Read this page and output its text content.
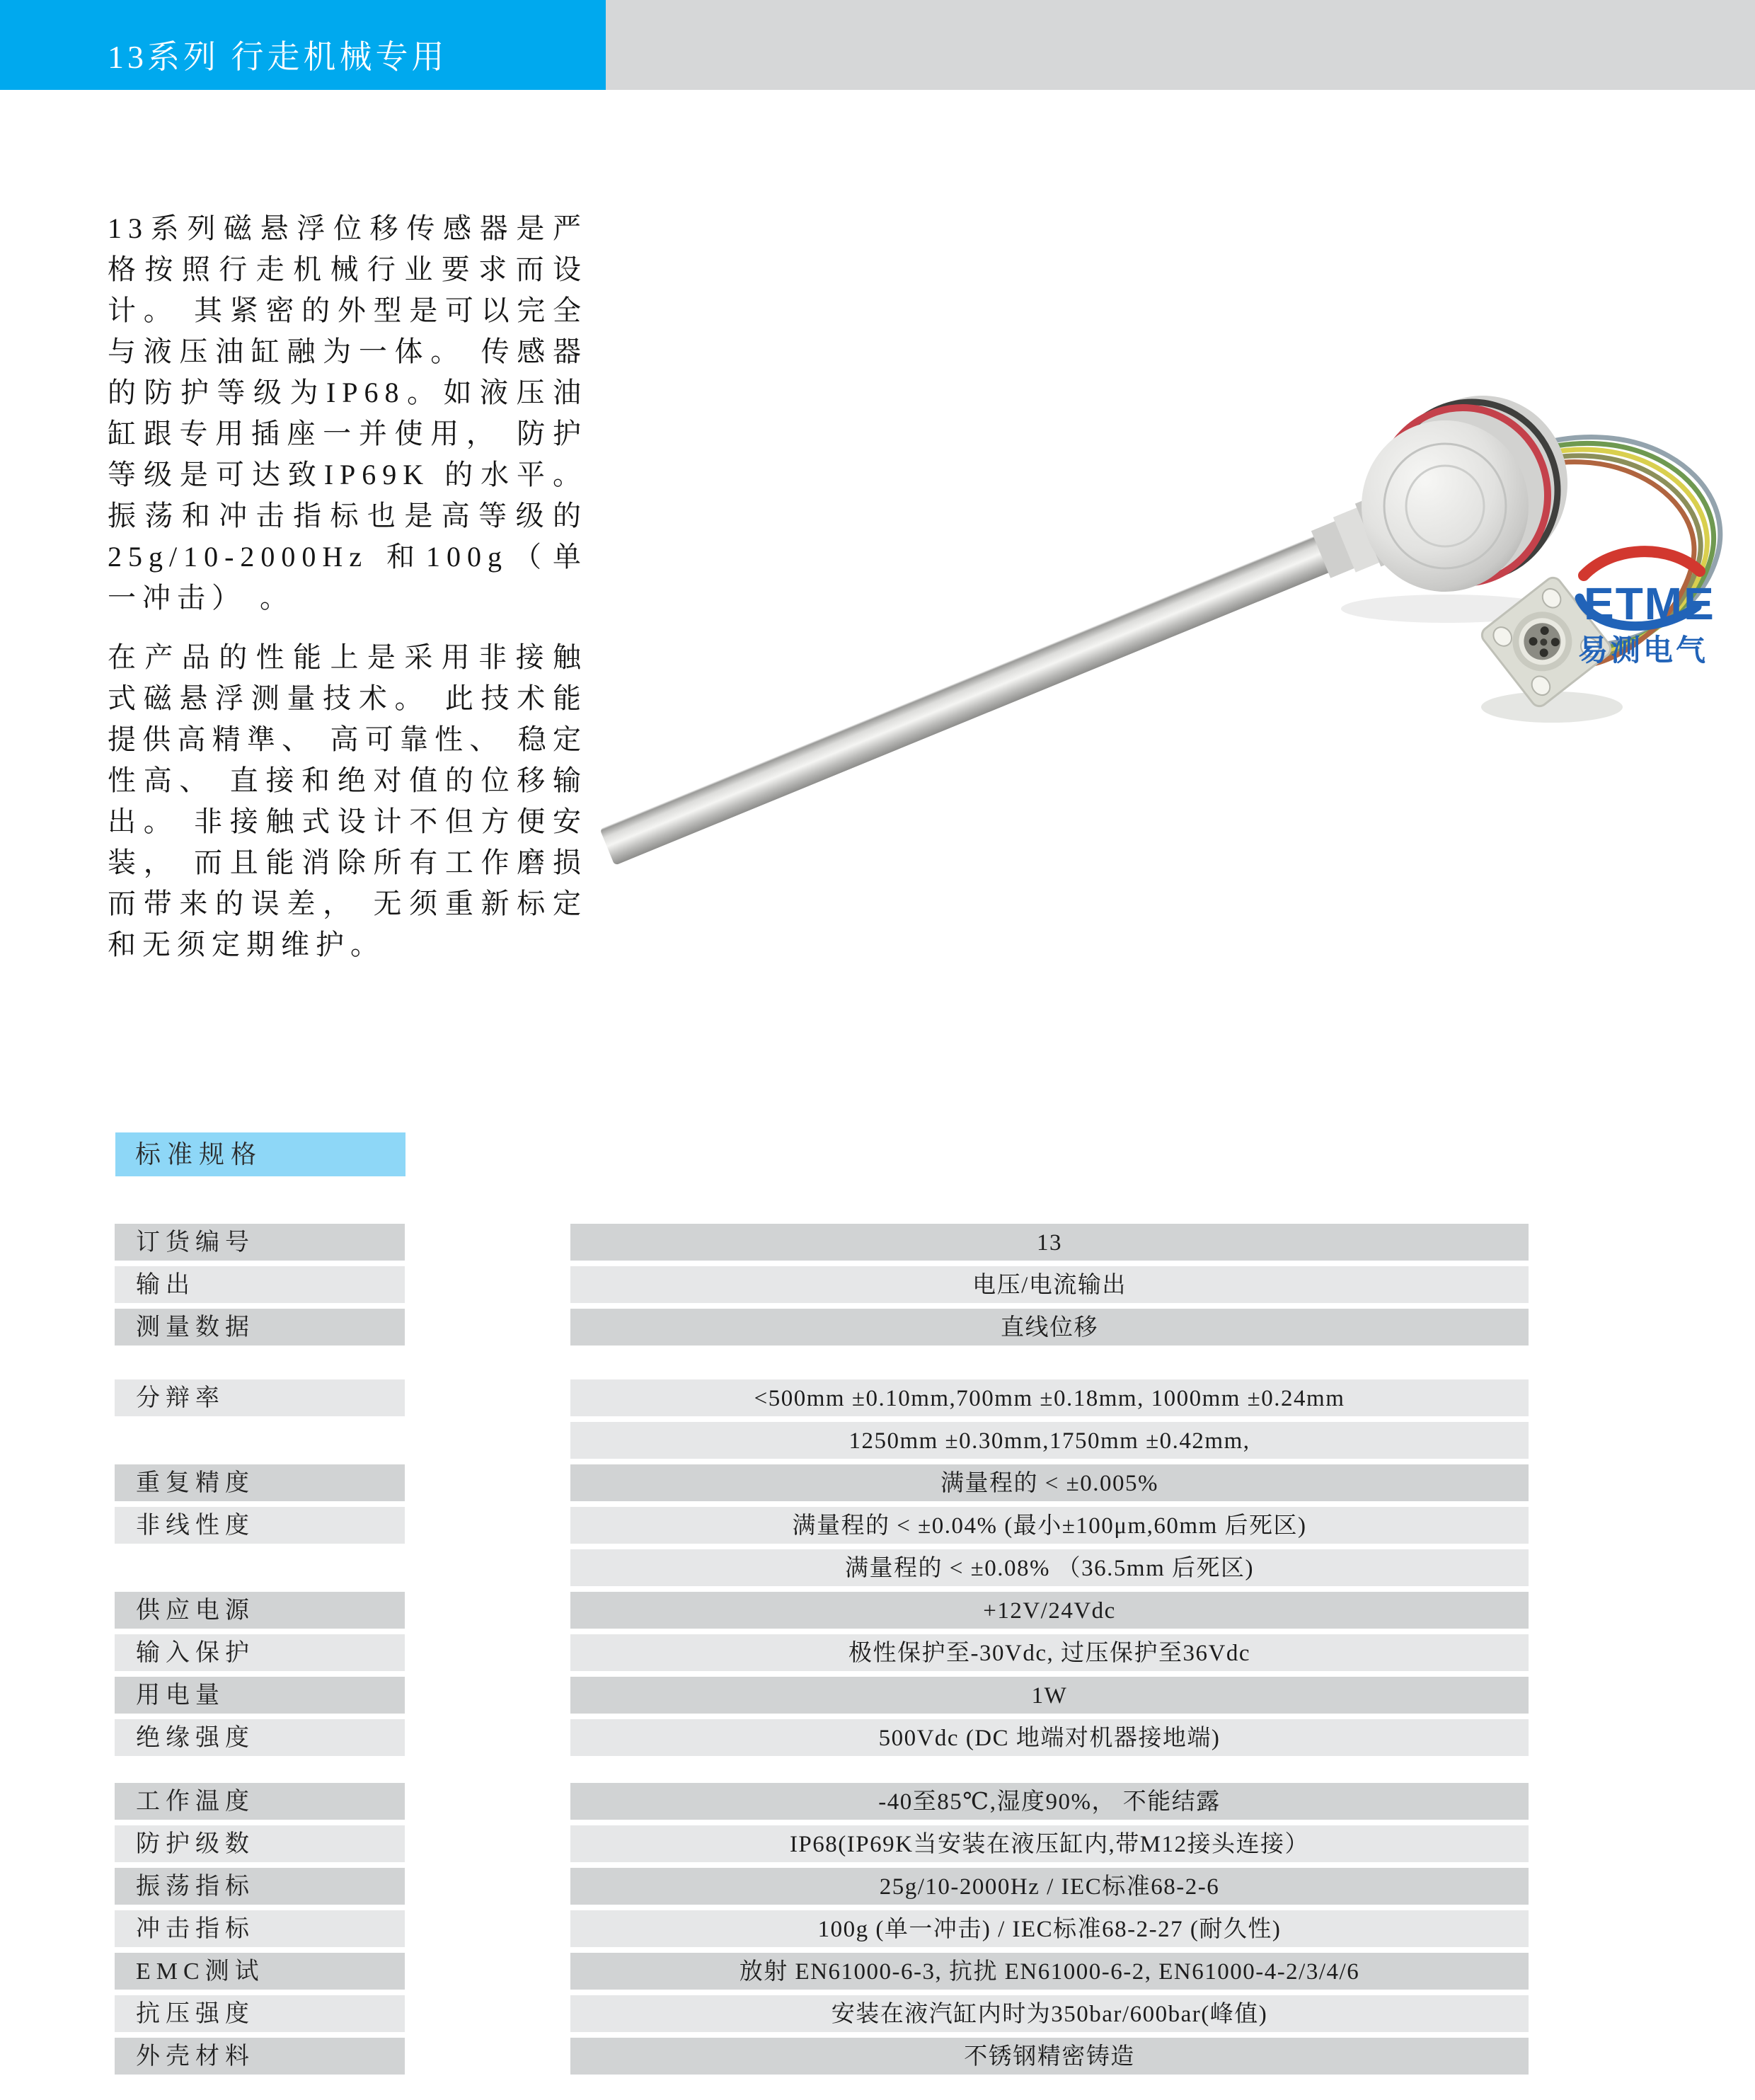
13系列 行走机械专用

13系列磁悬浮位移传感器是严格按照行走机械行业要求而设计。 其紧密的外型是可以完全与液压油缸融为一体。 传感器的防护等级为IP68。如液压油缸跟专用插座一并使用， 防护等级是可达致IP69K 的水平。振荡和冲击指标也是高等级的25g/10-2000Hz 和100g（单一冲击） 。

在产品的性能上是采用非接触式磁悬浮测量技术。 此技术能提供高精準、 高可靠性、 稳定性高、 直接和绝对值的位移输出。 非接触式设计不但方便安装， 而且能消除所有工作磨损而带来的误差， 无须重新标定和无须定期维护。

ETME
易测电气
标准规格
订货编号	13
输出	电压/电流输出
测量数据	直线位移
分辩率	<500mm ±0.10mm,700mm ±0.18mm, 1000mm ±0.24mm
1250mm ±0.30mm,1750mm ±0.42mm,
重复精度	满量程的 < ±0.005%
非线性度	满量程的 < ±0.04% (最小±100μm,60mm 后死区)
满量程的 < ±0.08% （36.5mm 后死区)
供应电源	+12V/24Vdc
输入保护	极性保护至-30Vdc, 过压保护至36Vdc
用电量	1W
绝缘强度	500Vdc (DC 地端对机器接地端)
工作温度	-40至85℃,湿度90%， 不能结露
防护级数	IP68(IP69K当安装在液压缸内,带M12接头连接）
振荡指标	25g/10-2000Hz / IEC标准68-2-6
冲击指标	100g (单一冲击) / IEC标准68-2-27 (耐久性)
EMC测试	放射 EN61000-6-3, 抗扰 EN61000-6-2, EN61000-4-2/3/4/6
抗压强度	安装在液汽缸内时为350bar/600bar(峰值)
外壳材料	不锈钢精密铸造
